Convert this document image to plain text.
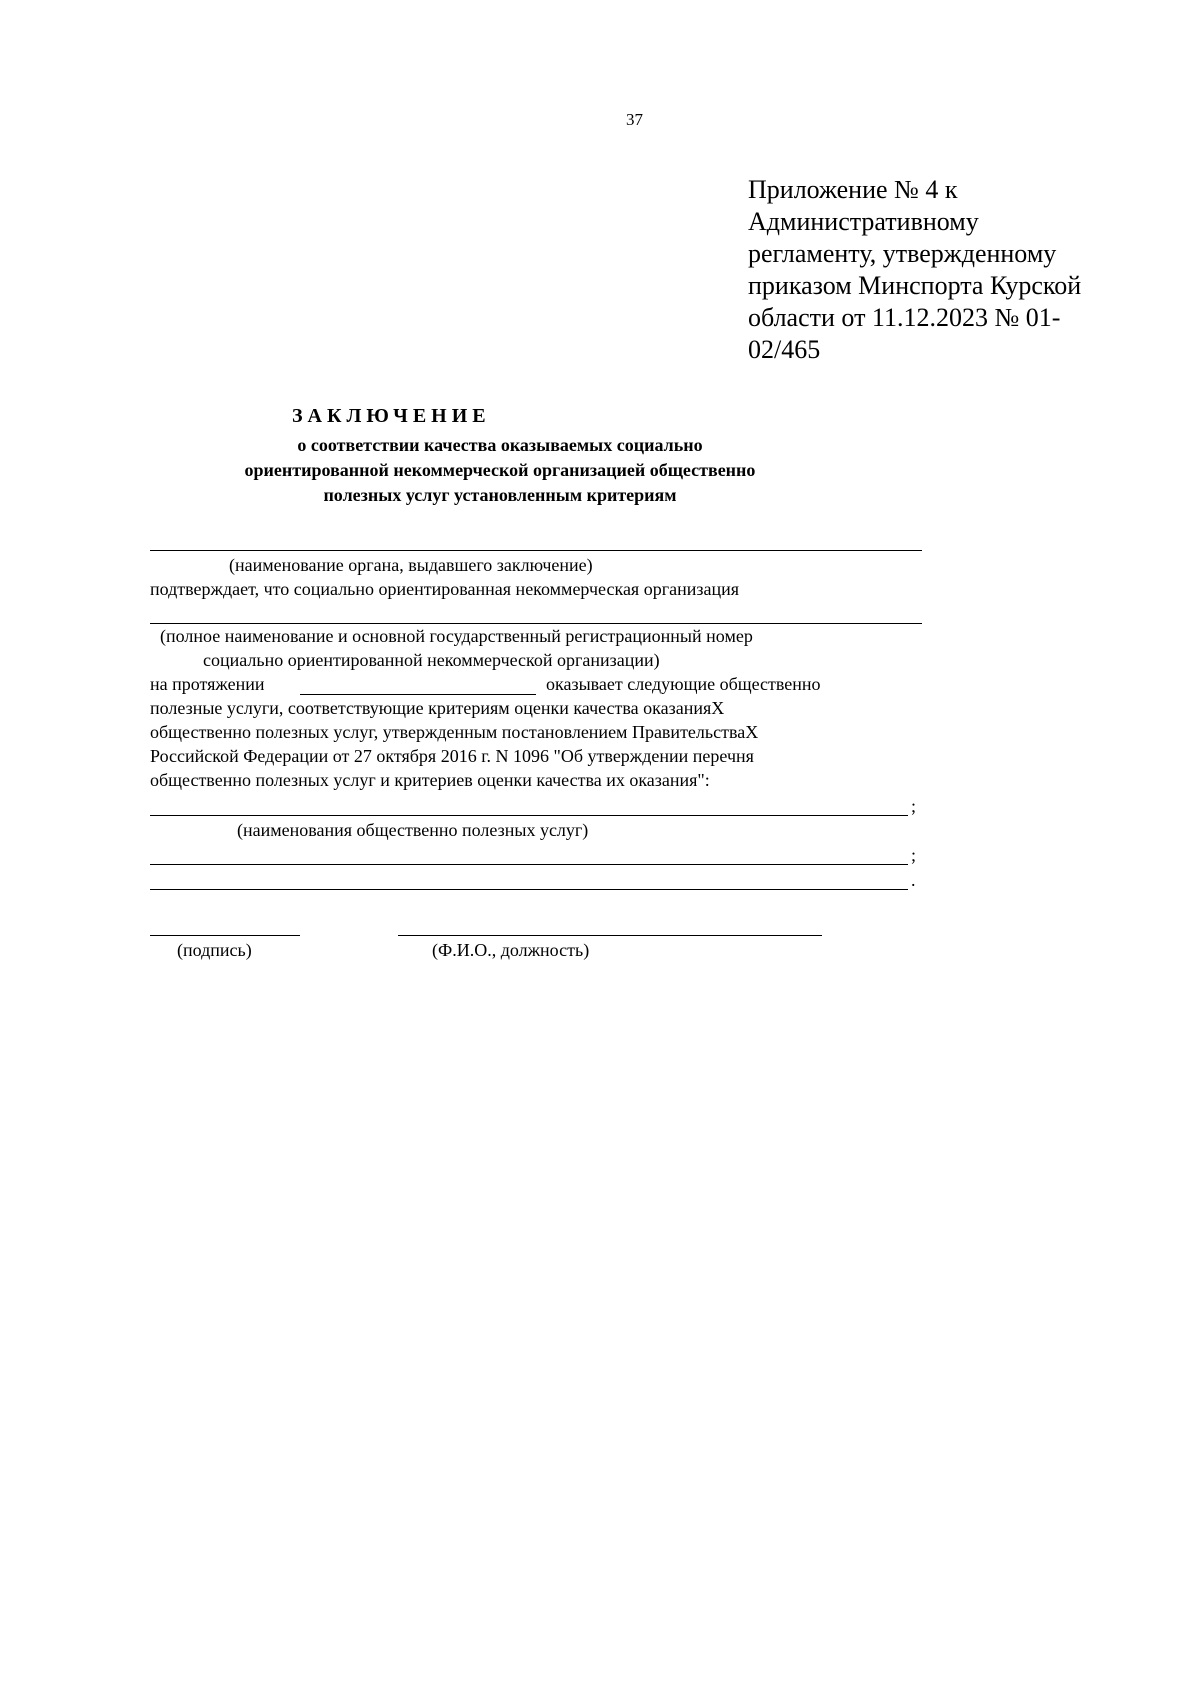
37
Приложение № 4 к
Административному
регламенту, утвержденному
приказом Минспорта Курской
области от 11.12.2023 № 01-
02/465
ЗАКЛЮЧЕНИЕ
о соответствии качества оказываемых социально
ориентированной некоммерческой организацией общественно
полезных услуг установленным критериям
(наименование органа, выдавшего заключение)
подтверждает, что социально ориентированная некоммерческая организация
(полное наименование и основной государственный регистрационный номер
социально ориентированной некоммерческой организации)
на протяжении	оказывает следующие общественно
полезные услуги, соответствующие критериям оценки качества оказанияX
общественно полезных услуг, утвержденным постановлением ПравительстваX
Российской Федерации от 27 октября 2016 г. N 1096 "Об утверждении перечня
общественно полезных услуг и критериев оценки качества их оказания":
;
(наименования общественно полезных услуг)
;
.
(подпись)	(Ф.И.О., должность)
